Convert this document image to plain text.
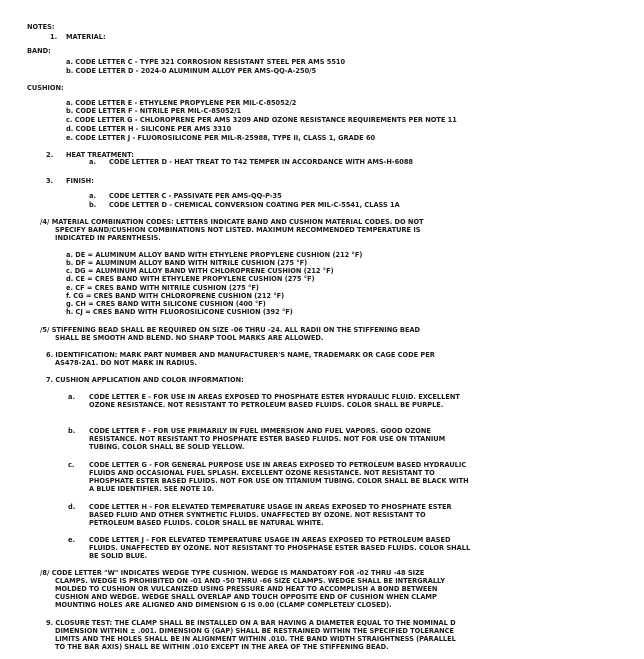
NOTES:
1. MATERIAL:
BAND:
a. CODE LETTER C - TYPE 321 CORROSION RESISTANT STEEL PER AMS 5510
b. CODE LETTER D - 2024-0 ALUMINUM ALLOY PER AMS-QQ-A-250/5
CUSHION:
a. CODE LETTER E - ETHYLENE PROPYLENE PER MIL-C-85052/2
b. CODE LETTER F - NITRILE PER MIL-C-85052/1
c. CODE LETTER G - CHLOROPRENE PER AMS 3209 AND OZONE RESISTANCE REQUIREMENTS PER NOTE 11
d. CODE LETTER H - SILICONE PER AMS 3310
e. CODE LETTER J - FLUOROSILICONE PER MIL-R-25988, TYPE II, CLASS 1, GRADE 60
2. HEAT TREATMENT:
a. CODE LETTER D - HEAT TREAT TO T42 TEMPER IN ACCORDANCE WITH AMS-H-6088
3. FINISH:
a. CODE LETTER C - PASSIVATE PER AMS-QQ-P-35
b. CODE LETTER D - CHEMICAL CONVERSION COATING PER MIL-C-5541, CLASS 1A
/4/ MATERIAL COMBINATION CODES: LETTERS INDICATE BAND AND CUSHION MATERIAL CODES. DO NOT
SPECIFY BAND/CUSHION COMBINATIONS NOT LISTED. MAXIMUM RECOMMENDED TEMPERATURE IS
INDICATED IN PARENTHESIS.
a. DE = ALUMINUM ALLOY BAND WITH ETHYLENE PROPYLENE CUSHION (212 °F)
b. DF = ALUMINUM ALLOY BAND WITH NITRILE CUSHION (275 °F)
c. DG = ALUMINUM ALLOY BAND WITH CHLOROPRENE CUSHION (212 °F)
d. CE = CRES BAND WITH ETHYLENE PROPYLENE CUSHION (275 °F)
e. CF = CRES BAND WITH NITRILE CUSHION (275 °F)
f. CG = CRES BAND WITH CHLOROPRENE CUSHION (212 °F)
g. CH = CRES BAND WITH SILICONE CUSHION (400 °F)
h. CJ = CRES BAND WITH FLUOROSILICONE CUSHION (392 °F)
/5/ STIFFENING BEAD SHALL BE REQUIRED ON SIZE -06 THRU -24. ALL RADII ON THE STIFFENING BEAD
SHALL BE SMOOTH AND BLEND. NO SHARP TOOL MARKS ARE ALLOWED.
6. IDENTIFICATION: MARK PART NUMBER AND MANUFACTURER'S NAME, TRADEMARK OR CAGE CODE PER
AS478-2A1. DO NOT MARK IN RADIUS.
7. CUSHION APPLICATION AND COLOR INFORMATION:
a. CODE LETTER E - FOR USE IN AREAS EXPOSED TO PHOSPHATE ESTER HYDRAULIC FLUID. EXCELLENT
OZONE RESISTANCE. NOT RESISTANT TO PETROLEUM BASED FLUIDS. COLOR SHALL BE PURPLE.
b. CODE LETTER F - FOR USE PRIMARILY IN FUEL IMMERSION AND FUEL VAPORS. GOOD OZONE
RESISTANCE. NOT RESISTANT TO PHOSPHATE ESTER BASED FLUIDS. NOT FOR USE ON TITANIUM
TUBING. COLOR SHALL BE SOLID YELLOW.
c. CODE LETTER G - FOR GENERAL PURPOSE USE IN AREAS EXPOSED TO PETROLEUM BASED HYDRAULIC
FLUIDS AND OCCASIONAL FUEL SPLASH. EXCELLENT OZONE RESISTANCE. NOT RESISTANT TO
PHOSPHATE ESTER BASED FLUIDS. NOT FOR USE ON TITANIUM TUBING. COLOR SHALL BE BLACK WITH
A BLUE IDENTIFIER. SEE NOTE 10.
d. CODE LETTER H - FOR ELEVATED TEMPERATURE USAGE IN AREAS EXPOSED TO PHOSPHATE ESTER
BASED FLUID AND OTHER SYNTHETIC FLUIDS. UNAFFECTED BY OZONE. NOT RESISTANT TO
PETROLEUM BASED FLUIDS. COLOR SHALL BE NATURAL WHITE.
e. CODE LETTER J - FOR ELEVATED TEMPERATURE USAGE IN AREAS EXPOSED TO PETROLEUM BASED
FLUIDS. UNAFFECTED BY OZONE. NOT RESISTANT TO PHOSPHASE ESTER BASED FLUIDS. COLOR SHALL
BE SOLID BLUE.
/8/ CODE LETTER "W" INDICATES WEDGE TYPE CUSHION. WEDGE IS MANDATORY FOR -02 THRU -48 SIZE
CLAMPS. WEDGE IS PROHIBITED ON -01 AND -50 THRU -66 SIZE CLAMPS. WEDGE SHALL BE INTERGRALLY
MOLDED TO CUSHION OR VULCANIZED USING PRESSURE AND HEAT TO ACCOMPLISH A BOND BETWEEN
CUSHION AND WEDGE. WEDGE SHALL OVERLAP AND TOUCH OPPOSITE END OF CUSHION WHEN CLAMP
MOUNTING HOLES ARE ALIGNED AND DIMENSION G IS 0.00 (CLAMP COMPLETELY CLOSED).
9. CLOSURE TEST: THE CLAMP SHALL BE INSTALLED ON A BAR HAVING A DIAMETER EQUAL TO THE NOMINAL D
DIMENSION WITHIN ± .001. DIMENSION G (GAP) SHALL BE RESTRAINED WITHIN THE SPECIFIED TOLERANCE
LIMITS AND THE HOLES SHALL BE IN ALIGNMENT WITHIN .010. THE BAND WIDTH STRAIGHTNESS (PARALLEL
TO THE BAR AXIS) SHALL BE WITHIN .010 EXCEPT IN THE AREA OF THE STIFFENING BEAD.
